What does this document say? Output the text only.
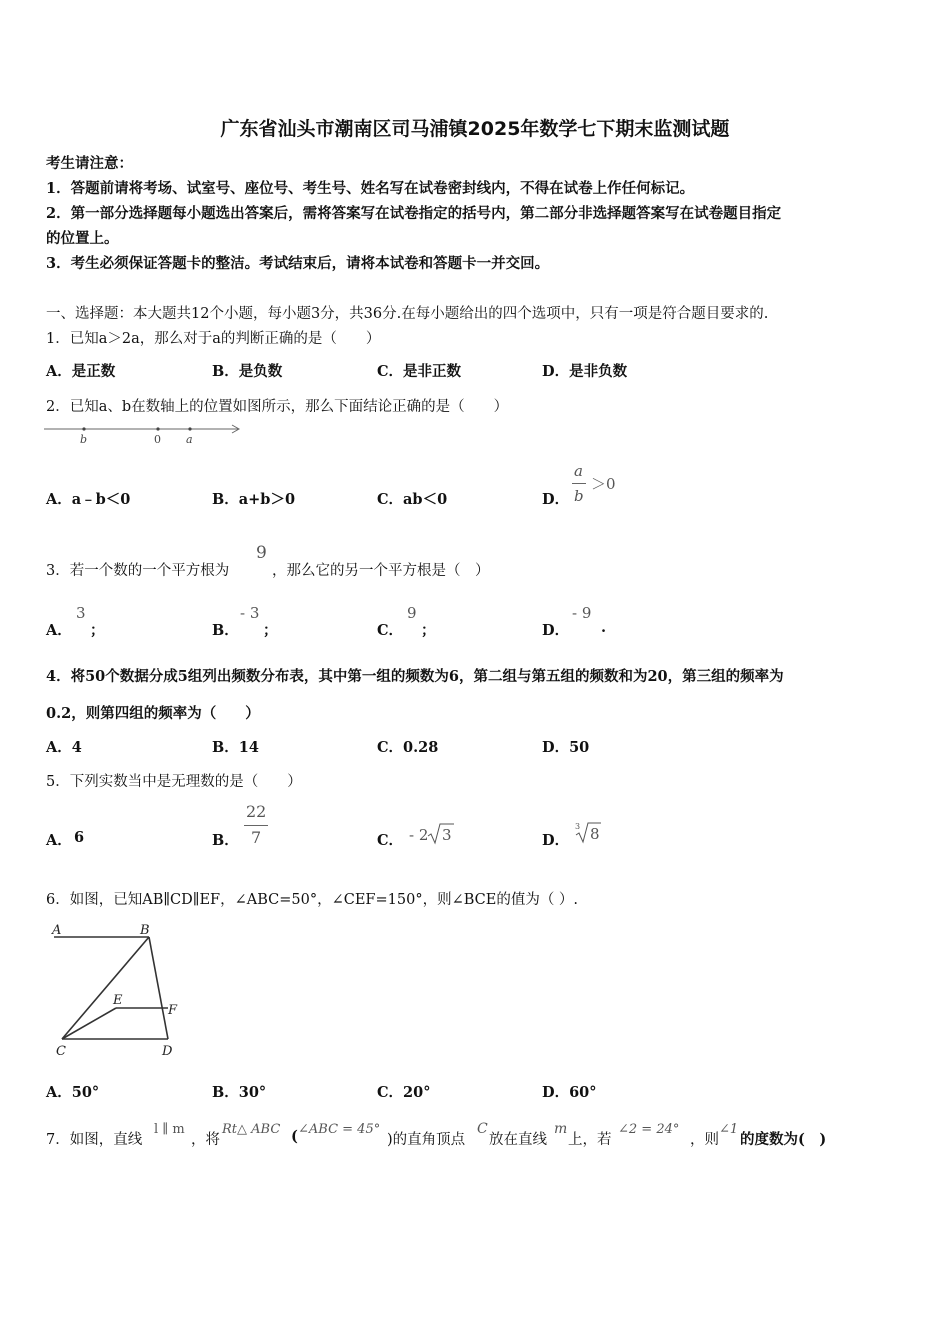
广东省汕头市潮南区司马浦镇2025年数学七下期末监测试题
考生请注意：
1．答题前请将考场、试室号、座位号、考生号、姓名写在试卷密封线内，不得在试卷上作任何标记。
2．第一部分选择题每小题选出答案后，需将答案写在试卷指定的括号内，第二部分非选择题答案写在试卷题目指定
的位置上。
3．考生必须保证答题卡的整洁。考试结束后，请将本试卷和答题卡一并交回。
一、选择题：本大题共12个小题，每小题3分，共36分.在每小题给出的四个选项中，只有一项是符合题目要求的.
1．已知a＞2a，那么对于a的判断正确的是（　　）
A．是正数	B．是负数	C．是非正数	D．是非负数
2．已知a、b在数轴上的位置如图所示，那么下面结论正确的是（　　）
b	0 a
A．a﹣b＜0	B．a+b＞0	C．ab＜0	D．
a
b
＞0
3．若一个数的一个平方根为
9
，那么它的另一个平方根是（　）
A．
3
；	B．
- 3
；	C．
9
；	D．
- 9
.
4．将50个数据分成5组列出频数分布表，其中第一组的频数为6，第二组与第五组的频数和为20，第三组的频率为
0.2，则第四组的频率为（　　）
A．4	B．14	C．0.28	D．50
5．下列实数当中是无理数的是（　　）
A． 6	B．
22
7	C． - 2 3	D．
3 8
6．如图，已知AB∥CD∥EF，∠ABC=50°，∠CEF=150°，则∠BCE的值为（ ）.
A	B
E
F
C	D
A．50°	B．30°	C．20°	D．60°
7．如图，直线
l ∥ m
，将
Rt△ ABC ( ∠ABC = 45°
)的直角顶点
C
放在直线
m
上，若
∠2 = 24°
，则
∠1
的度数为(　)
